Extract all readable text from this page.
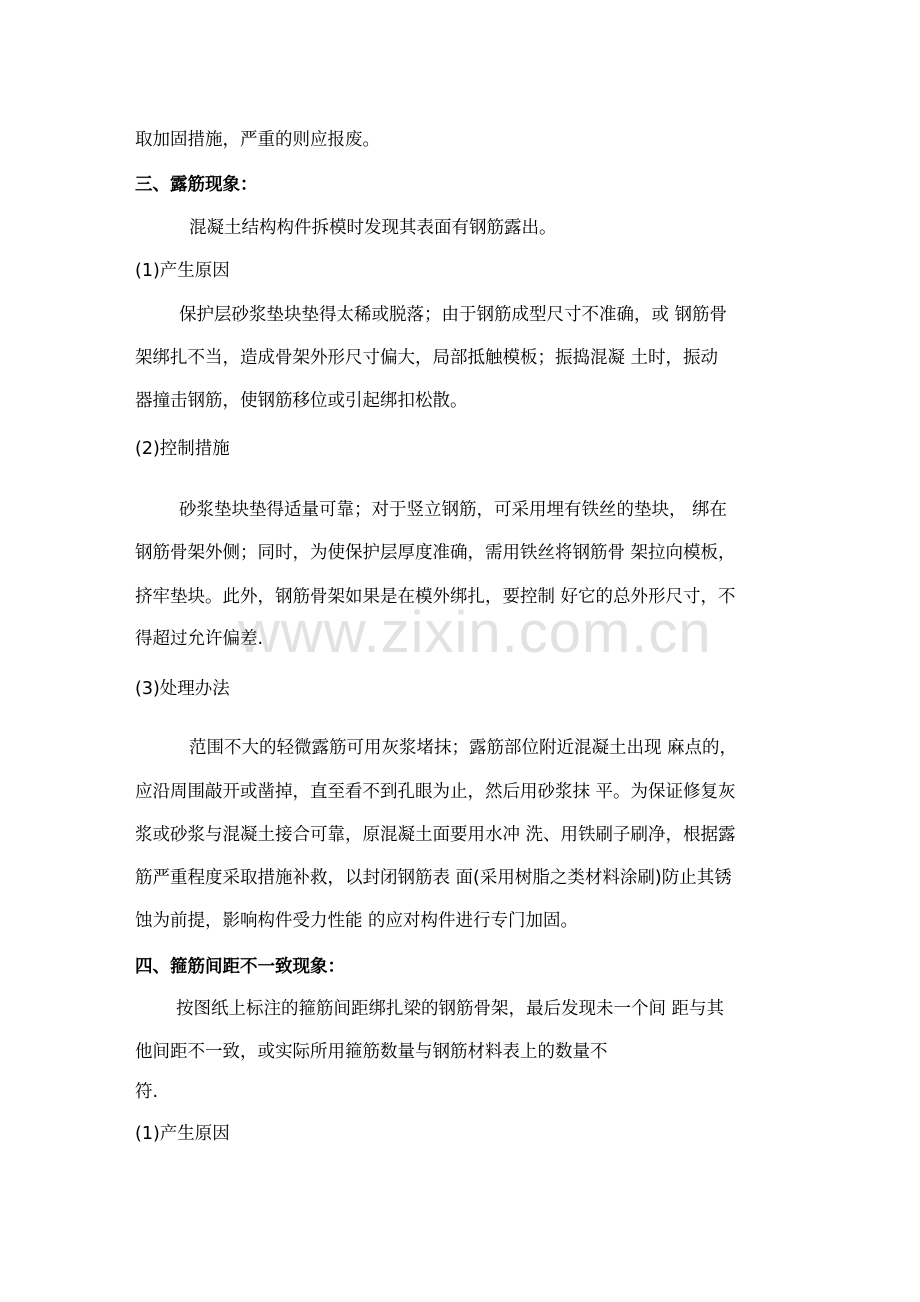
www.zixin.com.cn
取加固措施，严重的则应报废。
三、露筋现象：
混凝土结构构件拆模时发现其表面有钢筋露出。
(1)产生原因
保护层砂浆垫块垫得太稀或脱落；由于钢筋成型尺寸不准确，或 钢筋骨
架绑扎不当，造成骨架外形尺寸偏大，局部抵触模板；振捣混凝 土时，振动
器撞击钢筋，使钢筋移位或引起绑扣松散。
(2)控制措施
砂浆垫块垫得适量可靠；对于竖立钢筋，可采用埋有铁丝的垫块， 绑在
钢筋骨架外侧；同时，为使保护层厚度准确，需用铁丝将钢筋骨 架拉向模板，
挤牢垫块。此外，钢筋骨架如果是在模外绑扎，要控制 好它的总外形尺寸，不
得超过允许偏差.
(3)处理办法
范围不大的轻微露筋可用灰浆堵抹；露筋部位附近混凝土出现 麻点的，
应沿周围敲开或凿掉，直至看不到孔眼为止，然后用砂浆抹 平。为保证修复灰
浆或砂浆与混凝土接合可靠，原混凝土面要用水冲 洗、用铁刷子刷净，根据露
筋严重程度采取措施补救，以封闭钢筋表 面(采用树脂之类材料涂刷)防止其锈
蚀为前提，影响构件受力性能 的应对构件进行专门加固。
四、箍筋间距不一致现象：
按图纸上标注的箍筋间距绑扎梁的钢筋骨架，最后发现未一个间 距与其
他间距不一致，或实际所用箍筋数量与钢筋材料表上的数量不
符.
(1)产生原因
